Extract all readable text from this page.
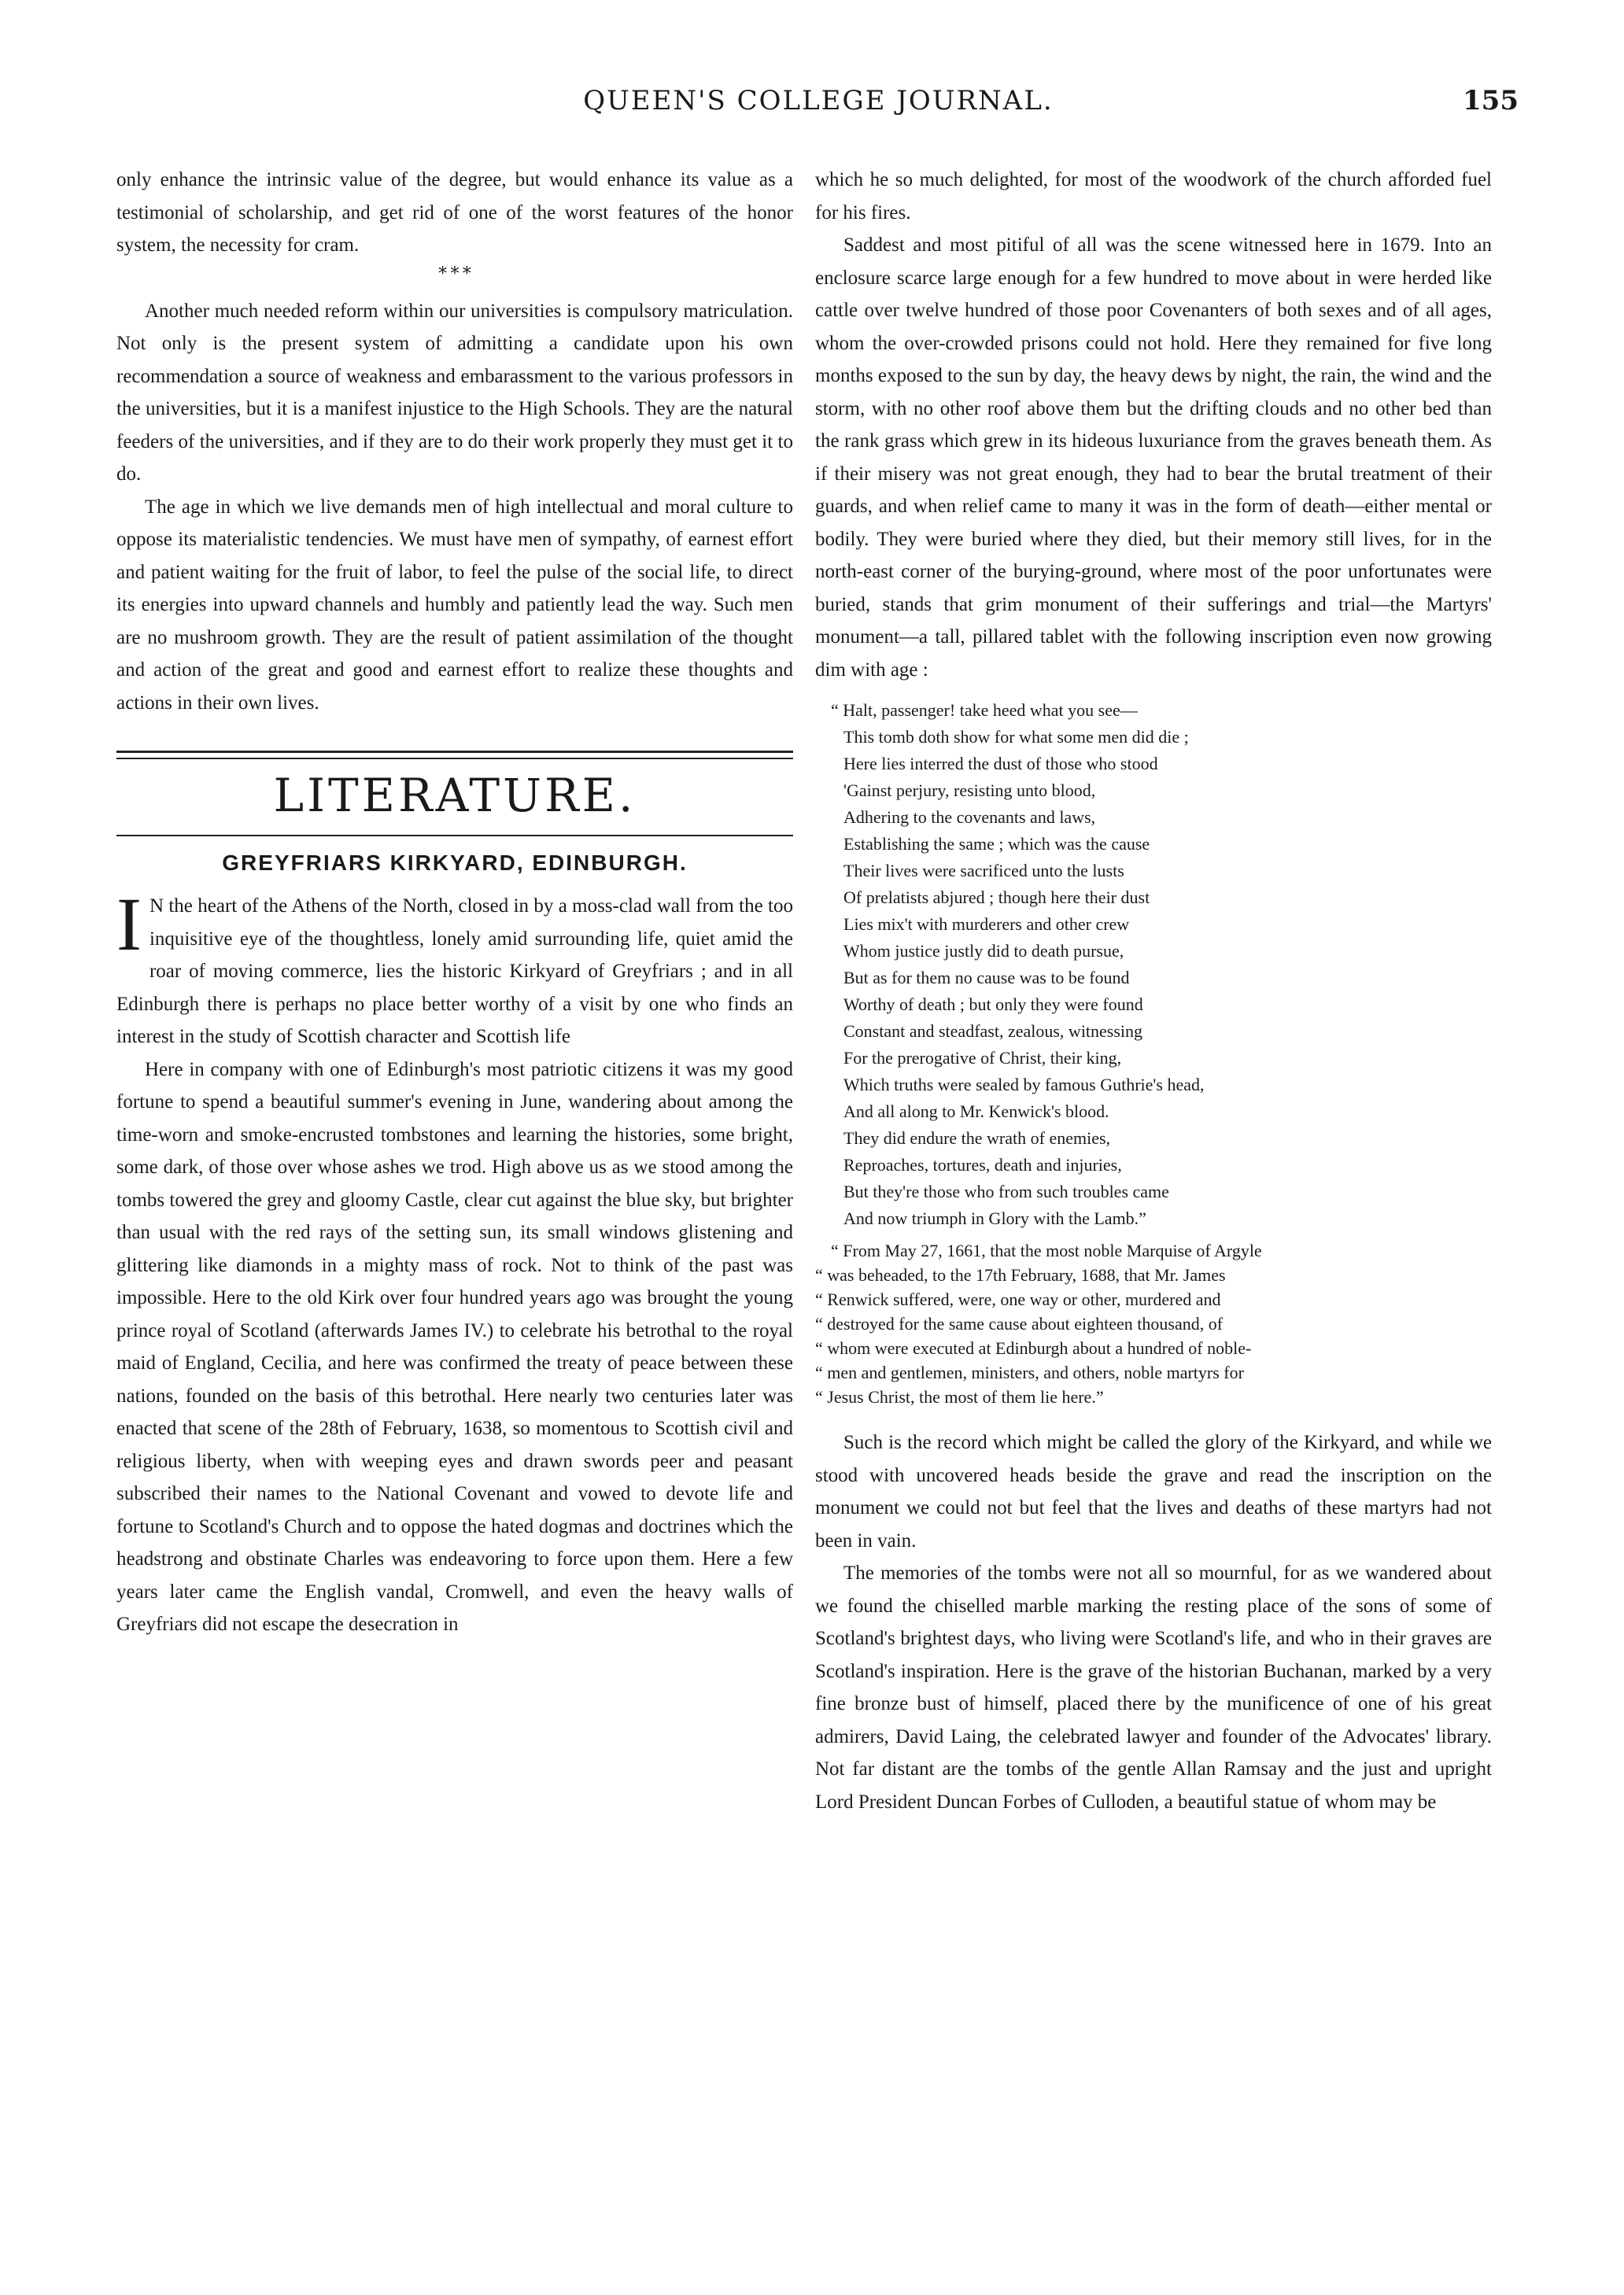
QUEEN'S COLLEGE JOURNAL.	155

only enhance the intrinsic value of the degree, but would enhance its value as a testimonial of scholarship, and get rid of one of the worst features of the honor system, the necessity for cram.

* * *

Another much needed reform within our universities is compulsory matriculation. Not only is the present system of admitting a candidate upon his own recommendation a source of weakness and embarassment to the various professors in the universities, but it is a manifest injustice to the High Schools. They are the natural feeders of the universities, and if they are to do their work properly they must get it to do.

The age in which we live demands men of high intellectual and moral culture to oppose its materialistic tendencies. We must have men of sympathy, of earnest effort and patient waiting for the fruit of labor, to feel the pulse of the social life, to direct its energies into upward channels and humbly and patiently lead the way. Such men are no mushroom growth. They are the result of patient assimilation of the thought and action of the great and good and earnest effort to realize these thoughts and actions in their own lives.

LITERATURE.
GREYFRIARS KIRKYARD, EDINBURGH.

I N the heart of the Athens of the North, closed in by a moss-clad wall from the too inquisitive eye of the thoughtless, lonely amid surrounding life, quiet amid the roar of moving commerce, lies the historic Kirkyard of Greyfriars ; and in all Edinburgh there is perhaps no place better worthy of a visit by one who finds an interest in the study of Scottish character and Scottish life

Here in company with one of Edinburgh's most patriotic citizens it was my good fortune to spend a beautiful summer's evening in June, wandering about among the time-worn and smoke-encrusted tombstones and learning the histories, some bright, some dark, of those over whose ashes we trod. High above us as we stood among the tombs towered the grey and gloomy Castle, clear cut against the blue sky, but brighter than usual with the red rays of the setting sun, its small windows glistening and glittering like diamonds in a mighty mass of rock. Not to think of the past was impossible. Here to the old Kirk over four hundred years ago was brought the young prince royal of Scotland (afterwards James IV.) to celebrate his betrothal to the royal maid of England, Cecilia, and here was confirmed the treaty of peace between these nations, founded on the basis of this betrothal. Here nearly two centuries later was enacted that scene of the 28th of February, 1638, so momentous to Scottish civil and religious liberty, when with weeping eyes and drawn swords peer and peasant subscribed their names to the National Covenant and vowed to devote life and fortune to Scotland's Church and to oppose the hated dogmas and doctrines which the headstrong and obstinate Charles was endeavoring to force upon them. Here a few years later came the English vandal, Cromwell, and even the heavy walls of Greyfriars did not escape the desecration in

which he so much delighted, for most of the woodwork of the church afforded fuel for his fires.

Saddest and most pitiful of all was the scene witnessed here in 1679. Into an enclosure scarce large enough for a few hundred to move about in were herded like cattle over twelve hundred of those poor Covenanters of both sexes and of all ages, whom the over-crowded prisons could not hold. Here they remained for five long months exposed to the sun by day, the heavy dews by night, the rain, the wind and the storm, with no other roof above them but the drifting clouds and no other bed than the rank grass which grew in its hideous luxuriance from the graves beneath them. As if their misery was not great enough, they had to bear the brutal treatment of their guards, and when relief came to many it was in the form of death—either mental or bodily. They were buried where they died, but their memory still lives, for in the north-east corner of the burying-ground, where most of the poor unfortunates were buried, stands that grim monument of their sufferings and trial—the Martyrs' monument—a tall, pillared tablet with the following inscription even now growing dim with age :

“ Halt, passenger! take heed what you see—
This tomb doth show for what some men did die ;
Here lies interred the dust of those who stood
'Gainst perjury, resisting unto blood,
Adhering to the covenants and laws,
Establishing the same ; which was the cause
Their lives were sacrificed unto the lusts
Of prelatists abjured ; though here their dust
Lies mix't with murderers and other crew
Whom justice justly did to death pursue,
But as for them no cause was to be found
Worthy of death ; but only they were found
Constant and steadfast, zealous, witnessing
For the prerogative of Christ, their king,
Which truths were sealed by famous Guthrie's head,
And all along to Mr. Kenwick's blood.
They did endure the wrath of enemies,
Reproaches, tortures, death and injuries,
But they're those who from such troubles came
And now triumph in Glory with the Lamb.”
“ From May 27, 1661, that the most noble Marquise of Argyle
“ was beheaded, to the 17th February, 1688, that Mr. James
“ Renwick suffered, were, one way or other, murdered and
“ destroyed for the same cause about eighteen thousand, of
“ whom were executed at Edinburgh about a hundred of noble-
“ men and gentlemen, ministers, and others, noble martyrs for
“ Jesus Christ, the most of them lie here.”

Such is the record which might be called the glory of the Kirkyard, and while we stood with uncovered heads beside the grave and read the inscription on the monument we could not but feel that the lives and deaths of these martyrs had not been in vain.

The memories of the tombs were not all so mournful, for as we wandered about we found the chiselled marble marking the resting place of the sons of some of Scotland's brightest days, who living were Scotland's life, and who in their graves are Scotland's inspiration. Here is the grave of the historian Buchanan, marked by a very fine bronze bust of himself, placed there by the munificence of one of his great admirers, David Laing, the celebrated lawyer and founder of the Advocates' library. Not far distant are the tombs of the gentle Allan Ramsay and the just and upright Lord President Duncan Forbes of Culloden, a beautiful statue of whom may be
